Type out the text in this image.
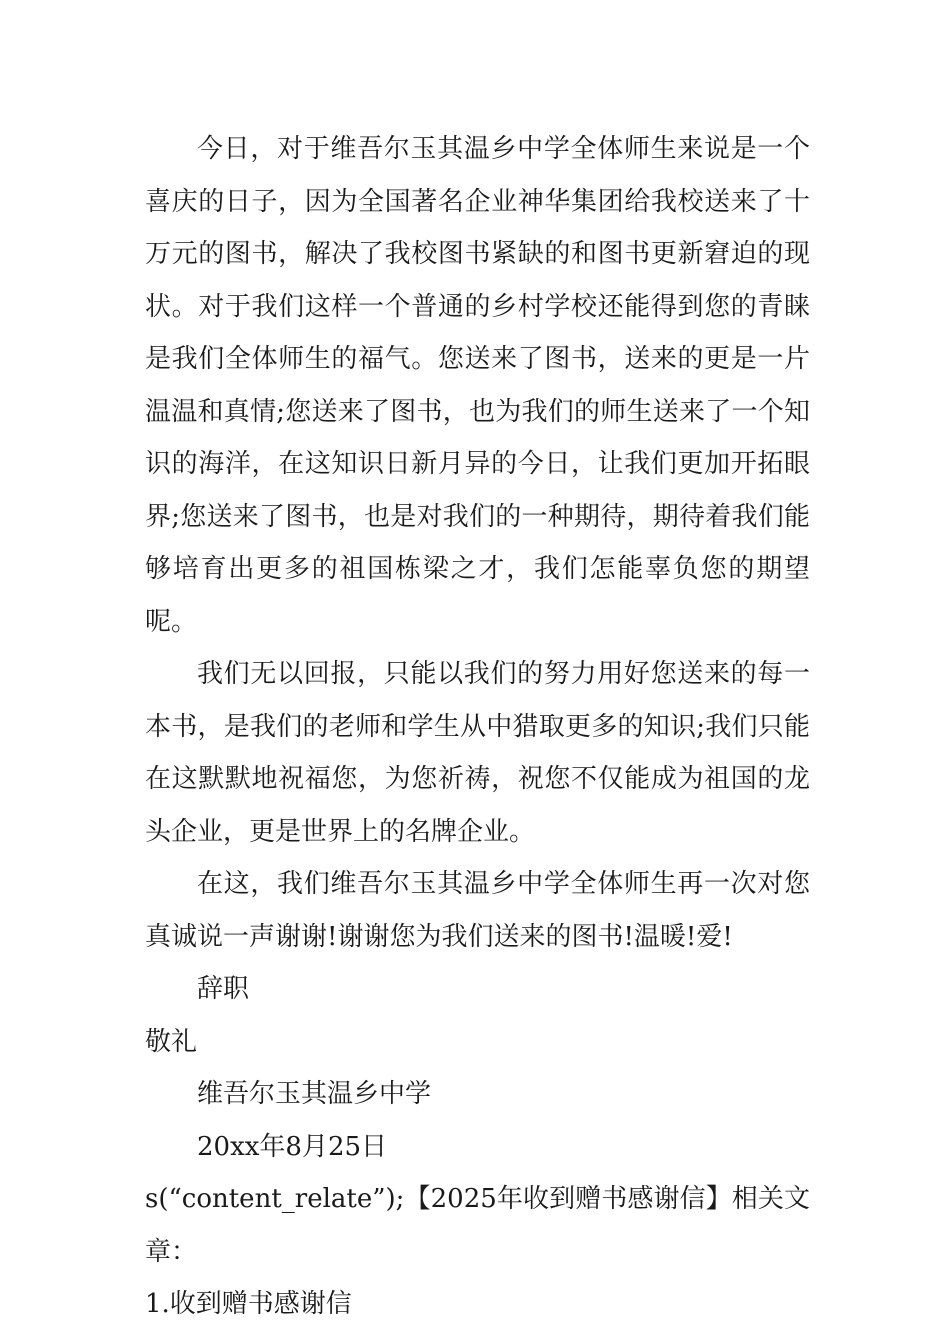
今日，对于维吾尔玉其温乡中学全体师生来说是一个喜庆的日子，因为全国著名企业神华集团给我校送来了十万元的图书，解决了我校图书紧缺的和图书更新窘迫的现状。对于我们这样一个普通的乡村学校还能得到您的青睐是我们全体师生的福气。您送来了图书，送来的更是一片温温和真情;您送来了图书，也为我们的师生送来了一个知识的海洋，在这知识日新月异的今日，让我们更加开拓眼界;您送来了图书，也是对我们的一种期待，期待着我们能够培育出更多的祖国栋梁之才，我们怎能辜负您的期望呢。

我们无以回报，只能以我们的努力用好您送来的每一本书，是我们的老师和学生从中猎取更多的知识;我们只能在这默默地祝福您，为您祈祷，祝您不仅能成为祖国的龙头企业，更是世界上的名牌企业。

在这，我们维吾尔玉其温乡中学全体师生再一次对您真诚说一声谢谢!谢谢您为我们送来的图书!温暖!爱!

辞职

敬礼

维吾尔玉其温乡中学

20xx年8月25日

s(“content_relate”);【2025年收到赠书感谢信】相关文章：

1.收到赠书感谢信
